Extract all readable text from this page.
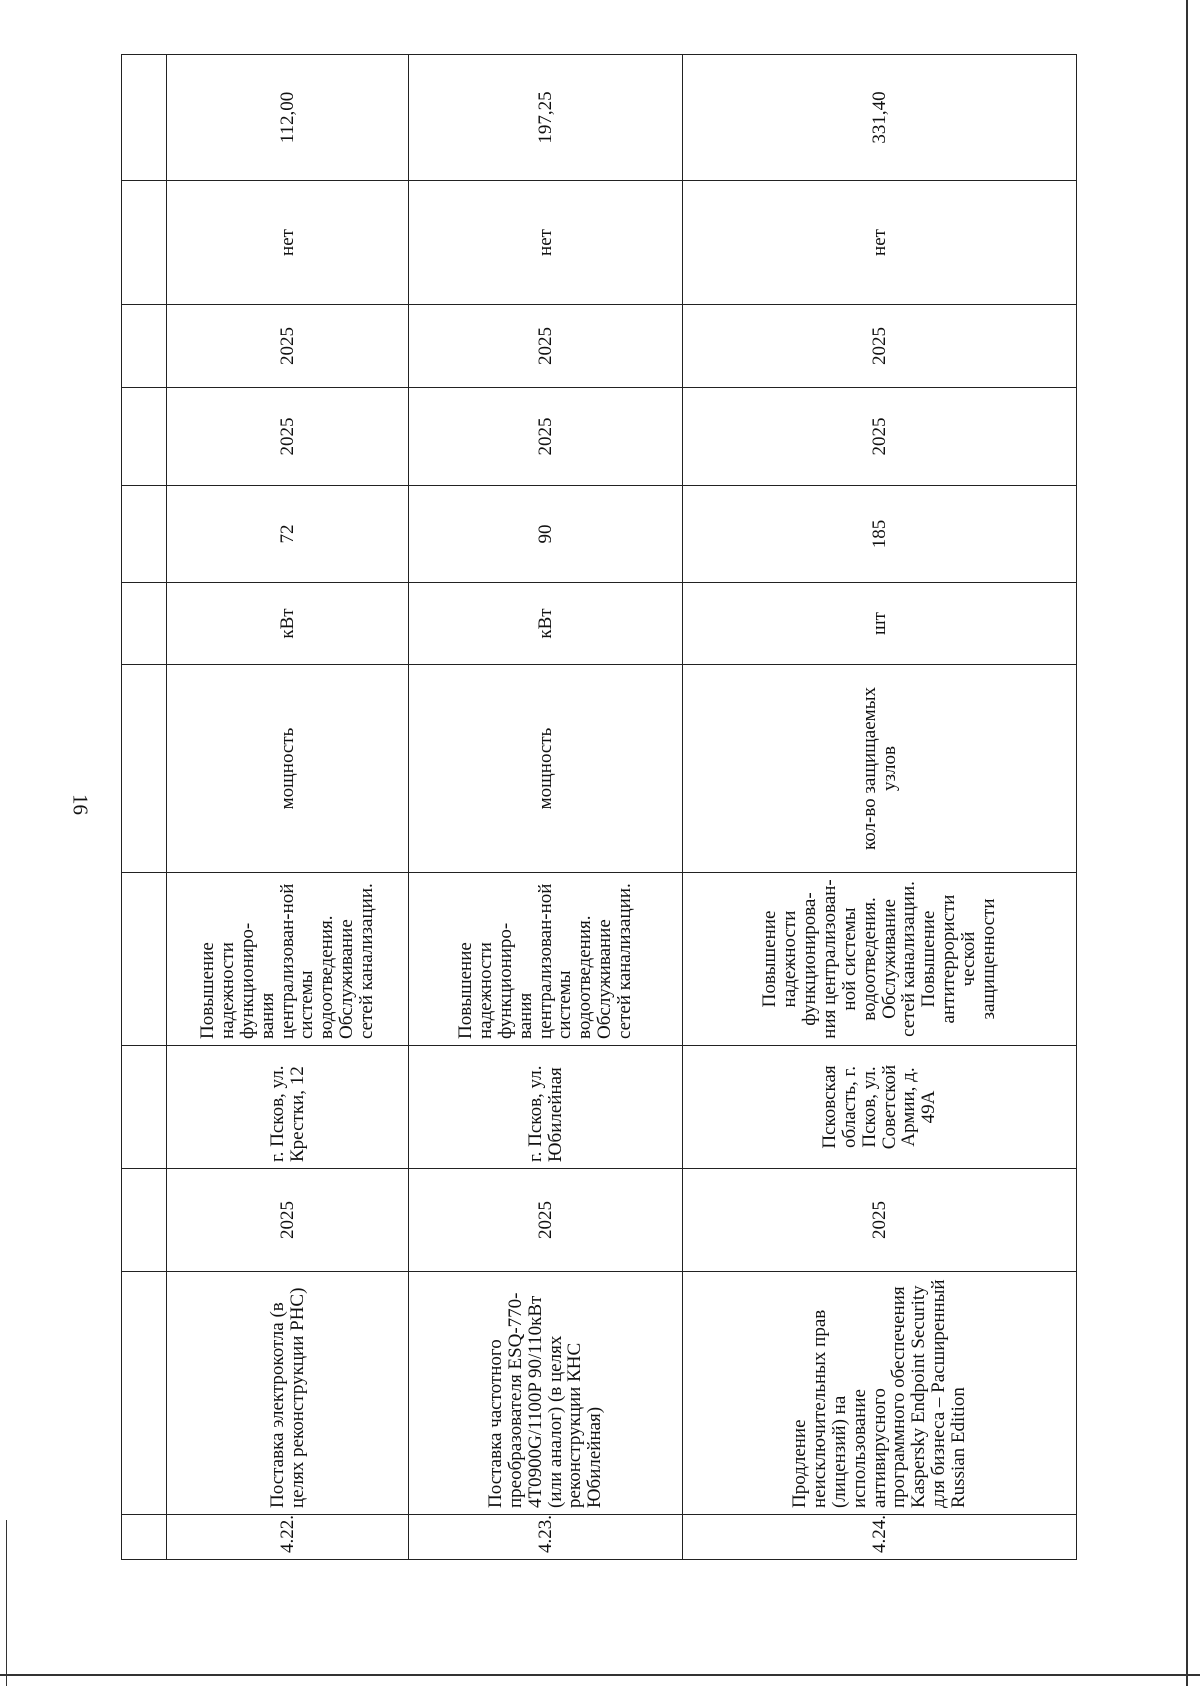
16

4.22.	Поставка электрокотла (в целях реконструкции РНС)	2025	г. Псков, ул. Крестки, 12	Повышение надежности функциониро-вания централизован-ной системы водоотведения. Обслуживание сетей канализации.	мощность	кВт	72	2025	2025	нет	112,00
4.23.	Поставка частотного преобразователя ESQ-770-4T0900G/1100P 90/110кВт (или аналог) (в целях реконструкции КНС Юбилейная)	2025	г. Псков, ул. Юбилейная	Повышение надежности функциониро-вания централизован-ной системы водоотведения. Обслуживание сетей канализации.	мощность	кВт	90	2025	2025	нет	197,25
4.24.	Продление неисключительных прав (лицензий) на использование антивирусного программного обеспечения Kaspersky Endpoint Security для бизнеса – Расширенный Russian Edition	2025	Псковская область, г. Псков, ул. Советской Армии, д. 49А	Повышение надежности функционирова-ния централизован-ной системы водоотведения. Обслуживание сетей канализации. Повышение антитеррористи ческой защищенности	кол-во защищаемых узлов	шт	185	2025	2025	нет	331,40
